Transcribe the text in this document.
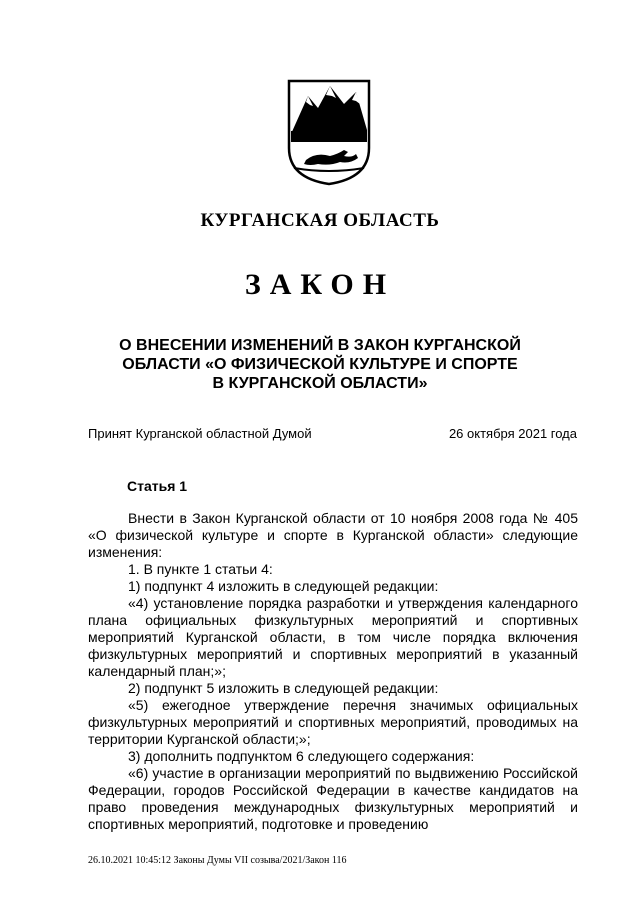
КУРГАНСКАЯ ОБЛАСТЬ
ЗАКОН
О ВНЕСЕНИИ ИЗМЕНЕНИЙ В ЗАКОН КУРГАНСКОЙ
ОБЛАСТИ «О ФИЗИЧЕСКОЙ КУЛЬТУРЕ И СПОРТЕ
В КУРГАНСКОЙ ОБЛАСТИ»
Принят Курганской областной Думой	26 октября 2021 года
Статья 1

Внести в Закон Курганской области от 10 ноября 2008 года № 405 «О физической культуре и спорте в Курганской области» следующие изменения:

1. В пункте 1 статьи 4:

1) подпункт 4 изложить в следующей редакции:

«4) установление порядка разработки и утверждения календарного плана официальных физкультурных мероприятий и спортивных мероприятий Курганской области, в том числе порядка включения физкультурных мероприятий и спортивных мероприятий в указанный календарный план;»;

2) подпункт 5 изложить в следующей редакции:

«5) ежегодное утверждение перечня значимых официальных физкультурных мероприятий и спортивных мероприятий, проводимых на территории Курганской области;»;

3) дополнить подпунктом 6 следующего содержания:

«6) участие в организации мероприятий по выдвижению Российской Федерации, городов Российской Федерации в качестве кандидатов на право проведения международных физкультурных мероприятий и спортивных мероприятий, подготовке и проведению

26.10.2021 10:45:12 Законы Думы VII созыва/2021/Закон 116
